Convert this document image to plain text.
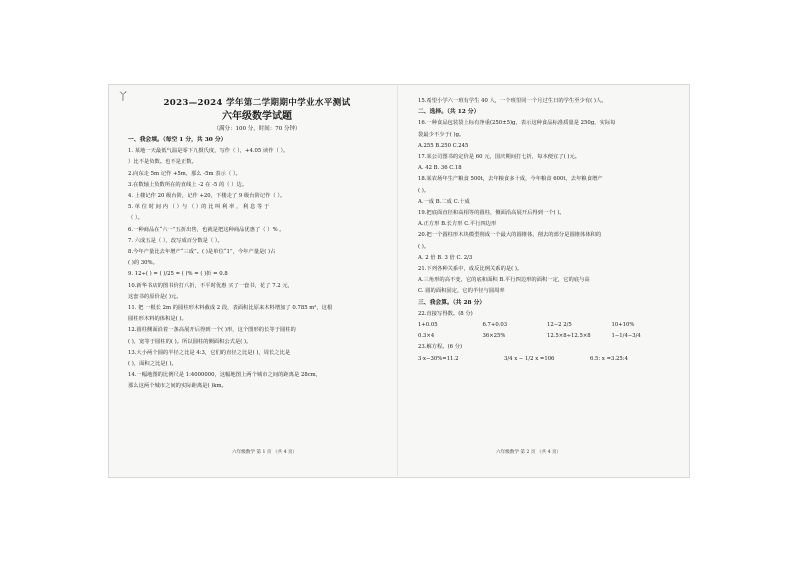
丫	2023—2024 学年第二学期期中学业水平测试
六年级数学试题
（满分：100 分，时间：70 分钟）
一、我会填。（每空 1 分，共 30 分）
1. 某地一天最低气温是零下九摄氏度，写作（ ），+4.05 读作（ ）。
）比不是负数。也不是正数。
2.向东走 5m 记作 +5m，那么 -5m 表示（ ）。
3.在数轴上负数所在的直线上 -2 在 -5 的（ ）边。
4. 上楼记作 20 级台阶，记作 +20，下楼走了 9 级台阶记作（ ）。
5. 单 位 时 间 内 （ ）与 （ ）的 比 叫 利 率 ， 利 息 等 于
（ ）。
6.一种商品在“六一”五折出售，也就是把这种商品优惠了（ ）% 。
7. 六成五是（ ），改写成百分数是（ ）。
8.今年产量比去年增产“三成”。( )是单位“1”，今年产量是( )占
( )的 30%。
9. 12÷( ) = ( )/25 = ( )% = ( )折 = 0.8
10.新华书店的图书价打八折，不平时优惠 买了一套书，花了 7.2 元，
这套书的原价是( )元。
11. 把 一根长 2m 的圆柱形木料截成 2 段，表面积比原来木料增加了 0.785 m²，这根
圆柱形木料的体积是( )。
12.圆柱侧面沿着一条高展开后得到一个( )形，这个图形的长等于圆柱的
( )，宽等于圆柱的( )。所以圆柱的侧面积公式是( )。
13.大小两个圆的半径之比是 4:3，它们的直径之比是( )，周长之比是
( )，面积之比是( )。
14.一幅地图的比例尺是 1:4000000，这幅地图上两个城市之间的距离是 28cm，
那么这两个城市之间的实际距离是( )km。
15.希望小学六一班有学生 40 人，一个班里同一个月过生日的学生至少有( )人。
二、选择。（共 12 分）
16.一种食品包装袋上标有净重(250±5)g，表示这种食品标准质量是 250g，实际每
袋最少不少于( )g。
A.255 B.250 C.245
17.某公司图书的定价是 60 元，国庆期间打七折，每本便宜了( )元。
A. 42 B. 36 C.18
18.某农场年生产粮食 500t，去年粮食多十成，今年粮食 600t，去年粮食增产
( )。
A.一成 B.二成 C.十成
19.把底面直径和高相等的圆柱，侧面沿高展开后得到一个( )。
A.正方形 B.长方形 C.平行四边形
20.把一个圆柱形木块模型削成一个最大的圆锥体，削去的部分是圆锥体体积的
( )。
A. 2 倍 B. 3 倍 C. 2/3
21.下列各种关系中，成反比例关系的是( )。
A.三角形的高不变，它的底和面积 B.平行四边形的面积一定，它的底与高
C. 圆的面积固定，它的半径与圆周率
三、我会算。（共 28 分）
22.直接写得数。(8 分)
1+0.05	6.7+0.03	12−2 2/5	10+10%
0.3×4	36×25%	12.5×8÷12.5×8	1−1/4−3/4
23.解方程。(6 分)
3·x−30%=11.2	3/4 x − 1/2 x =106	6.5: x =3.25:4
六年级数学 第 1 页 （共 4 页）	六年级数学 第 2 页 （共 4 页）
